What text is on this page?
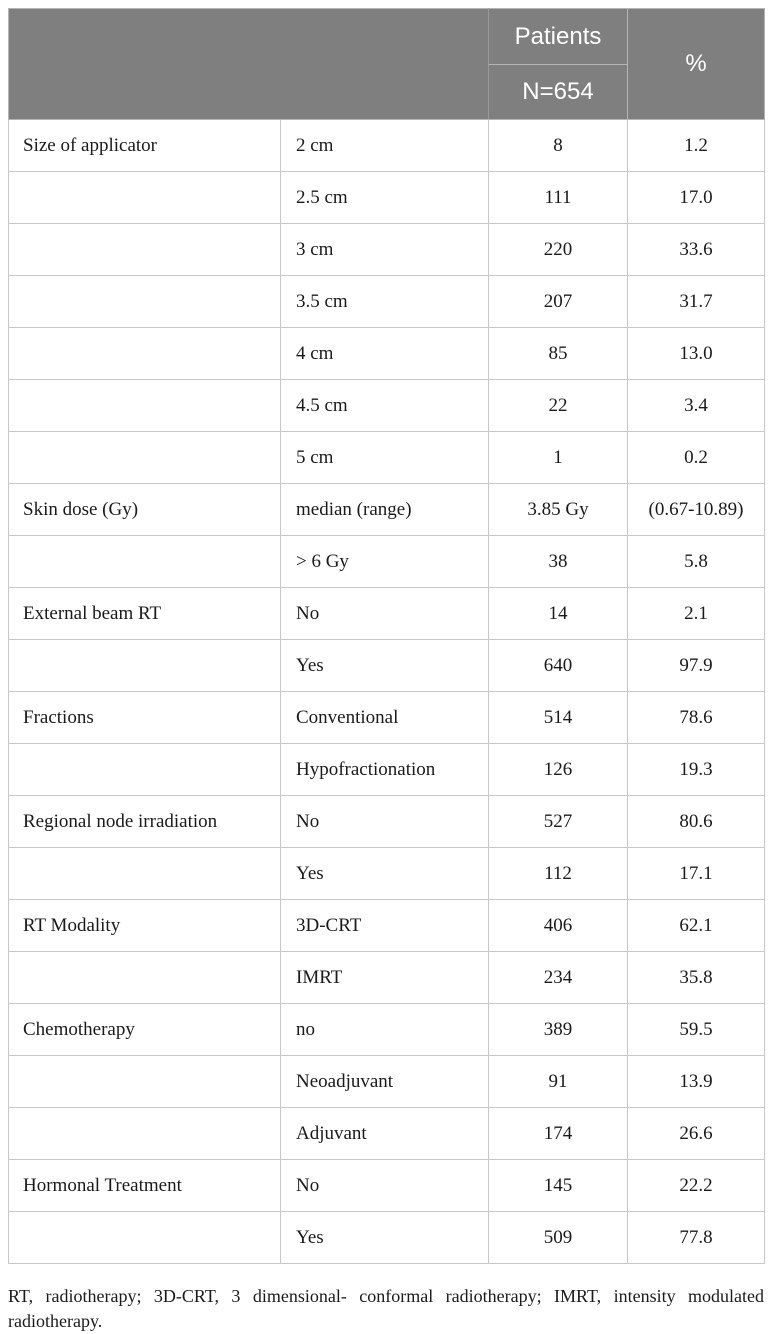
		Patients	%
		N=654	
Size of applicator	2 cm	8	1.2
	2.5 cm	111	17.0
	3 cm	220	33.6
	3.5 cm	207	31.7
	4 cm	85	13.0
	4.5 cm	22	3.4
	5 cm	1	0.2
Skin dose (Gy)	median (range)	3.85 Gy	(0.67-10.89)
	> 6 Gy	38	5.8
External beam RT	No	14	2.1
	Yes	640	97.9
Fractions	Conventional	514	78.6
	Hypofractionation	126	19.3
Regional node irradiation	No	527	80.6
	Yes	112	17.1
RT Modality	3D-CRT	406	62.1
	IMRT	234	35.8
Chemotherapy	no	389	59.5
	Neoadjuvant	91	13.9
	Adjuvant	174	26.6
Hormonal Treatment	No	145	22.2
	Yes	509	77.8
RT, radiotherapy; 3D-CRT, 3 dimensional- conformal radiotherapy; IMRT, intensity modulated radiotherapy.
